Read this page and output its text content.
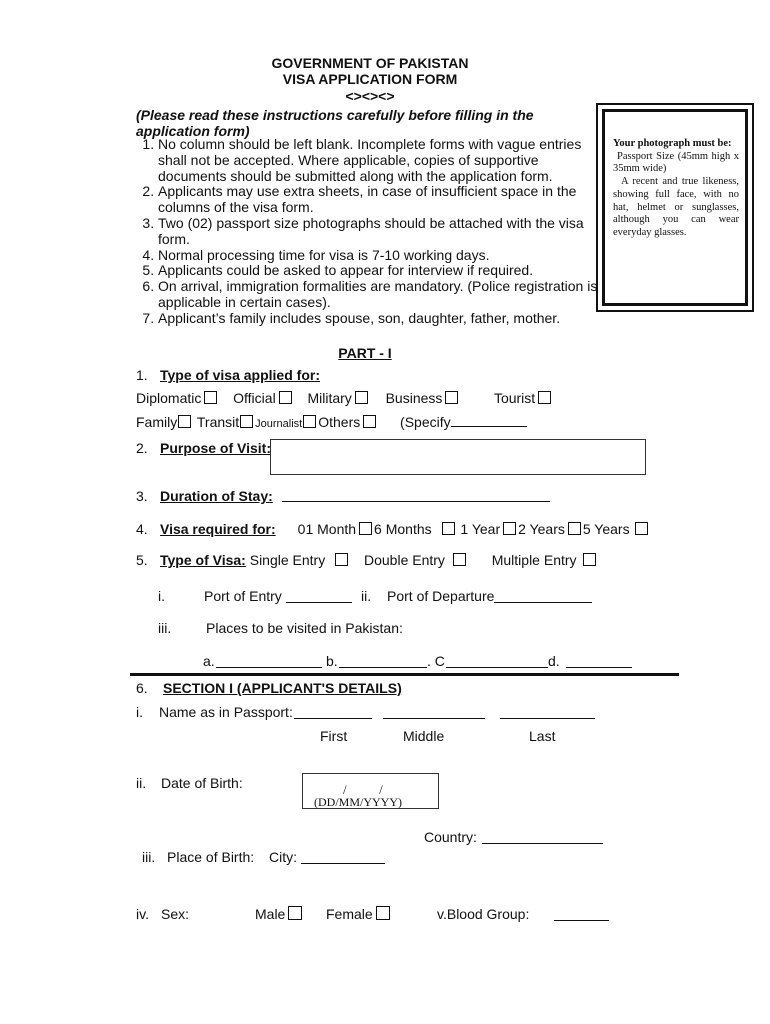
GOVERNMENT OF PAKISTAN
VISA APPLICATION FORM
<><><>
(Please read these instructions carefully before filling in the application form)
1. No column should be left blank. Incomplete forms with vague entries shall not be accepted. Where applicable, copies of supportive documents should be submitted along with the application form.
2. Applicants may use extra sheets, in case of insufficient space in the columns of the visa form.
3. Two (02) passport size photographs should be attached with the visa form.
4. Normal processing time for visa is 7-10 working days.
5. Applicants could be asked to appear for interview if required.
6. On arrival, immigration formalities are mandatory. (Police registration is applicable in certain cases).
7. Applicant’s family includes spouse, son, daughter, father, mother.

Your photograph must be:

Passport Size (45mm high x 35mm wide)

A recent and true likeness, showing full face, with no hat, helmet or sunglasses, although you can wear everyday glasses.

PART - I
1. Type of visa applied for:
Diplomatic Official Military Business	Tourist
Family Transit Journalist Others	(Specify
2. Purpose of Visit:
3. Duration of Stay:
4. Visa required for: 01 Month 6 Months 1 Year 2 Years 5 Years
5. Type of Visa: Single Entry	Double Entry	Multiple Entry
i.	Port of Entry	ii. Port of Departure
iii. Places to be visited in Pakistan:
a.	b.	. C	d.
6. SECTION I (APPLICANT'S DETAILS)
i. Name as in Passport:
First	Middle	Last
ii. Date of Birth:	/          /
(DD/MM/YYYY)
Country:
iii. Place of Birth: City:
iv. Sex:	Male	Female	v.Blood Group:
